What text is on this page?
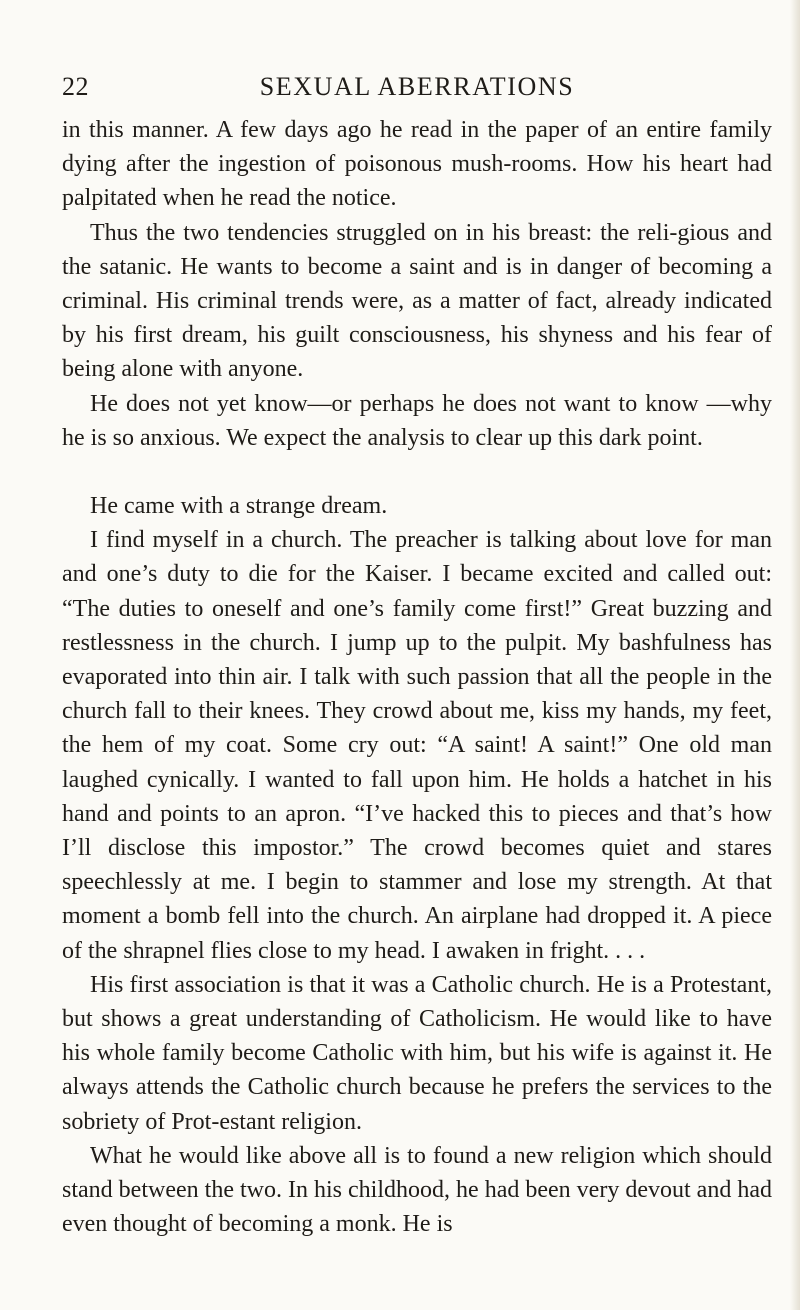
22	SEXUAL ABERRATIONS

in this manner. A few days ago he read in the paper of an entire family dying after the ingestion of poisonous mush-rooms. How his heart had palpitated when he read the notice.

Thus the two tendencies struggled on in his breast: the reli-gious and the satanic. He wants to become a saint and is in danger of becoming a criminal. His criminal trends were, as a matter of fact, already indicated by his first dream, his guilt consciousness, his shyness and his fear of being alone with anyone.

He does not yet know—or perhaps he does not want to know —why he is so anxious. We expect the analysis to clear up this dark point.

He came with a strange dream.

I find myself in a church. The preacher is talking about love for man and one’s duty to die for the Kaiser. I became excited and called out: “The duties to oneself and one’s family come first!” Great buzzing and restlessness in the church. I jump up to the pulpit. My bashfulness has evaporated into thin air. I talk with such passion that all the people in the church fall to their knees. They crowd about me, kiss my hands, my feet, the hem of my coat. Some cry out: “A saint! A saint!” One old man laughed cynically. I wanted to fall upon him. He holds a hatchet in his hand and points to an apron. “I’ve hacked this to pieces and that’s how I’ll disclose this impostor.” The crowd becomes quiet and stares speechlessly at me. I begin to stammer and lose my strength. At that moment a bomb fell into the church. An airplane had dropped it. A piece of the shrapnel flies close to my head. I awaken in fright. . . .

His first association is that it was a Catholic church. He is a Protestant, but shows a great understanding of Catholicism. He would like to have his whole family become Catholic with him, but his wife is against it. He always attends the Catholic church because he prefers the services to the sobriety of Prot-estant religion.

What he would like above all is to found a new religion which should stand between the two. In his childhood, he had been very devout and had even thought of becoming a monk. He is
